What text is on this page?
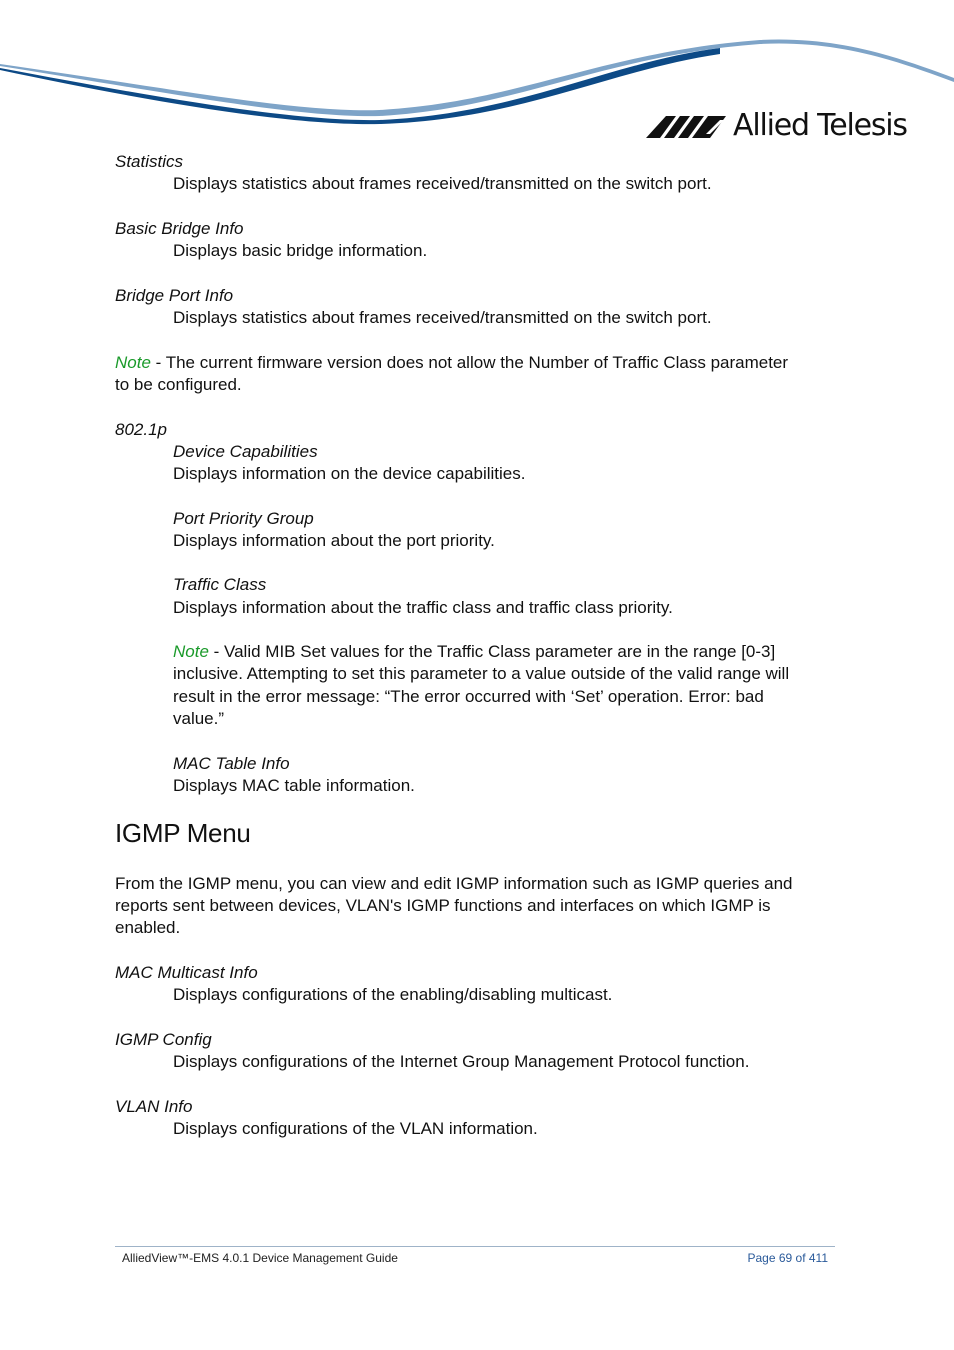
Allied Telesis
Statistics
Displays statistics about frames received/transmitted on the switch port.
Basic Bridge Info
Displays basic bridge information.
Bridge Port Info
Displays statistics about frames received/transmitted on the switch port.
Note - The current firmware version does not allow the Number of Traffic Class parameter
to be configured.
802.1p
Device Capabilities
Displays information on the device capabilities.
Port Priority Group
Displays information about the port priority.
Traffic Class
Displays information about the traffic class and traffic class priority.
Note - Valid MIB Set values for the Traffic Class parameter are in the range [0-3]
inclusive. Attempting to set this parameter to a value outside of the valid range will
result in the error message: “The error occurred with ‘Set’ operation. Error: bad
value.”
MAC Table Info
Displays MAC table information.
IGMP Menu
From the IGMP menu, you can view and edit IGMP information such as IGMP queries and
reports sent between devices, VLAN's IGMP functions and interfaces on which IGMP is
enabled.
MAC Multicast Info
Displays configurations of the enabling/disabling multicast.
IGMP Config
Displays configurations of the Internet Group Management Protocol function.
VLAN Info
Displays configurations of the VLAN information.
AlliedView™-EMS 4.0.1 Device Management Guide	Page 69 of 411
